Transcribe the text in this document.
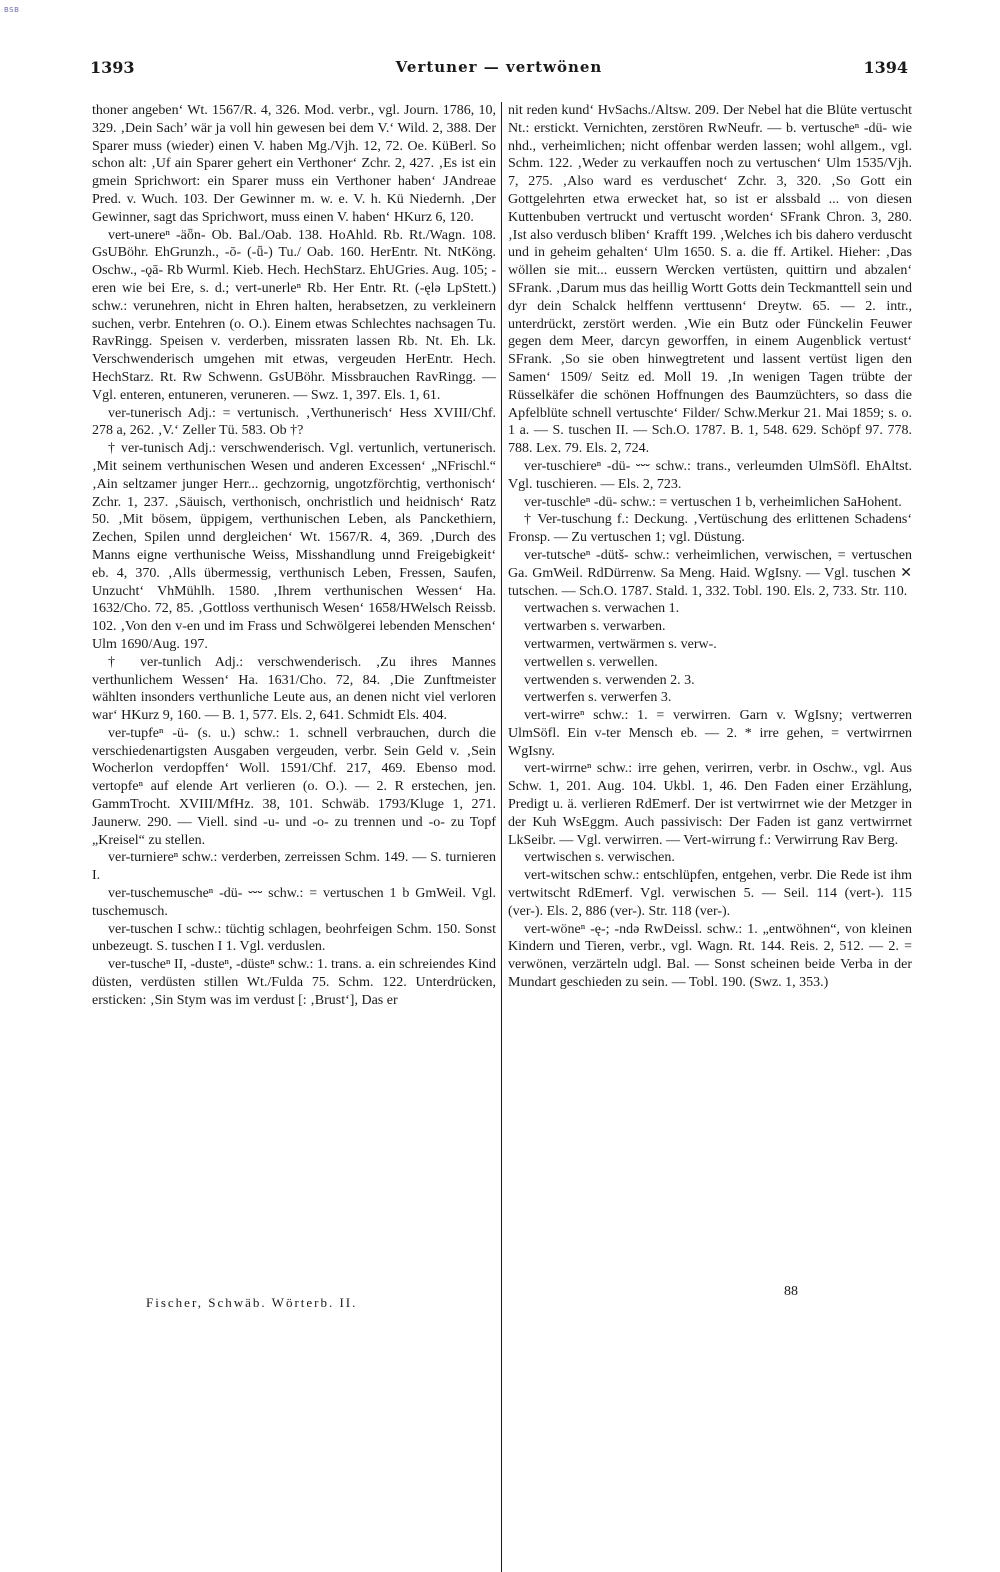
BSB
Vertuner — vertwönen
1393	1394

thoner angeben‘ Wt. 1567/R. 4, 326. Mod. verbr., vgl. Journ. 1786, 10, 329. ‚Dein Sach’ wär ja voll hin gewesen bei dem V.‘ Wild. 2, 388. Der Sparer muss (wieder) einen V. haben Mg./Vjh. 12, 72. Oe. KüBerl. So schon alt: ‚Uf ain Sparer gehert ein Verthoner‘ Zchr. 2, 427. ‚Es ist ein gmein Sprichwort: ein Sparer muss ein Verthoner haben‘ JAndreae Pred. v. Wuch. 103. Der Gewinner m. w. e. V. h. Kü Niedernh. ‚Der Gewinner, sagt das Sprichwort, muss einen V. haben‘ HKurz 6, 120.

vert-unereⁿ -äȫn- Ob. Bal./Oab. 138. HoAhld. Rb. Rt./Wagn. 108. GsUBöhr. EhGrunzh., -ō- (-ǖ-) Tu./ Oab. 160. HerEntr. Nt. NtKöng. Oschw., -ǫā- Rb Wurml. Kieb. Hech. HechStarz. EhUGries. Aug. 105; -eren wie bei Ere, s. d.; vert-unerleⁿ Rb. Her Entr. Rt. (-ęlə LpStett.) schw.: verunehren, nicht in Ehren halten, herabsetzen, zu verkleinern suchen, verbr. Entehren (o. O.). Einem etwas Schlechtes nachsagen Tu. RavRingg. Speisen v. verderben, missraten lassen Rb. Nt. Eh. Lk. Verschwenderisch umgehen mit etwas, vergeuden HerEntr. Hech. HechStarz. Rt. Rw Schwenn. GsUBöhr. Missbrauchen RavRingg. — Vgl. enteren, entuneren, veruneren. — Swz. 1, 397. Els. 1, 61.

ver-tunerisch Adj.: = vertunisch. ‚Verthunerisch‘ Hess XVIII/Chf. 278 a, 262. ‚V.‘ Zeller Tü. 583. Ob †?

† ver-tunisch Adj.: verschwenderisch. Vgl. vertunlich, vertunerisch. ‚Mit seinem verthunischen Wesen und anderen Excessen‘ „NFrischl.“ ‚Ain seltzamer junger Herr... gechzornig, ungotzförchtig, verthonisch‘ Zchr. 1, 237. ‚Säuisch, verthonisch, onchristlich und heidnisch‘ Ratz 50. ‚Mit bösem, üppigem, verthunischen Leben, als Panckethiern, Zechen, Spilen unnd dergleichen‘ Wt. 1567/R. 4, 369. ‚Durch des Manns eigne verthunische Weiss, Misshandlung unnd Freigebigkeit‘ eb. 4, 370. ‚Alls übermessig, verthunisch Leben, Fressen, Saufen, Unzucht‘ VhMühlh. 1580. ‚Ihrem verthunischen Wessen‘ Ha. 1632/Cho. 72, 85. ‚Gottloss verthunisch Wesen‘ 1658/HWelsch Reissb. 102. ‚Von den v-en und im Frass und Schwölgerei lebenden Menschen‘ Ulm 1690/Aug. 197.

† ver-tunlich Adj.: verschwenderisch. ‚Zu ihres Mannes verthunlichem Wessen‘ Ha. 1631/Cho. 72, 84. ‚Die Zunftmeister wählten insonders verthunliche Leute aus, an denen nicht viel verloren war‘ HKurz 9, 160. — B. 1, 577. Els. 2, 641. Schmidt Els. 404.

ver-tupfeⁿ -ü- (s. u.) schw.: 1. schnell verbrauchen, durch die verschiedenartigsten Ausgaben vergeuden, verbr. Sein Geld v. ‚Sein Wocherlon verdopffen‘ Woll. 1591/Chf. 217, 469. Ebenso mod. vertopfeⁿ auf elende Art verlieren (o. O.). — 2. R erstechen, jen. GammTrocht. XVIII/MfHz. 38, 101. Schwäb. 1793/Kluge 1, 271. Jaunerw. 290. — Viell. sind -u- und -o- zu trennen und -o- zu Topf „Kreisel“ zu stellen.

ver-turniereⁿ schw.: verderben, zerreissen Schm. 149. — S. turnieren I.

ver-tuschemuscheⁿ -dü- ⏑⏑⏑ schw.: = vertuschen 1 b GmWeil. Vgl. tuschemusch.

ver-tuschen I schw.: tüchtig schlagen, beohrfeigen Schm. 150. Sonst unbezeugt. S. tuschen I 1. Vgl. verduslen.

ver-tuscheⁿ II, -dusteⁿ, -düsteⁿ schw.: 1. trans. a. ein schreiendes Kind düsten, verdüsten stillen Wt./Fulda 75. Schm. 122. Unterdrücken, ersticken: ‚Sin Stym was im verdust [: ‚Brust‘], Das er

nit reden kund‘ HvSachs./Altsw. 209. Der Nebel hat die Blüte vertuscht Nt.: erstickt. Vernichten, zerstören RwNeufr. — b. vertuscheⁿ -dü- wie nhd., verheimlichen; nicht offenbar werden lassen; wohl allgem., vgl. Schm. 122. ‚Weder zu verkauffen noch zu vertuschen‘ Ulm 1535/Vjh. 7, 275. ‚Also ward es verduschet‘ Zchr. 3, 320. ‚So Gott ein Gottgelehrten etwa erwecket hat, so ist er alssbald ... von diesen Kuttenbuben vertruckt und vertuscht worden‘ SFrank Chron. 3, 280. ‚Ist also verdusch bliben‘ Krafft 199. ‚Welches ich bis dahero verduscht und in geheim gehalten‘ Ulm 1650. S. a. die ff. Artikel. Hieher: ‚Das wöllen sie mit... eussern Wercken vertüsten, quittirn und abzalen‘ SFrank. ‚Darum mus das heillig Wortt Gotts dein Teckmanttell sein und dyr dein Schalck helffenn verttusenn‘ Dreytw. 65. — 2. intr., unterdrückt, zerstört werden. ‚Wie ein Butz oder Fünckelin Feuwer gegen dem Meer, darcyn geworffen, in einem Augenblick vertust‘ SFrank. ‚So sie oben hinwegtretent und lassent vertüst ligen den Samen‘ 1509/ Seitz ed. Moll 19. ‚In wenigen Tagen trübte der Rüsselkäfer die schönen Hoffnungen des Baumzüchters, so dass die Apfelblüte schnell vertuschte‘ Filder/ Schw.Merkur 21. Mai 1859; s. o. 1 a. — S. tuschen II. — Sch.O. 1787. B. 1, 548. 629. Schöpf 97. 778. 788. Lex. 79. Els. 2, 724.

ver-tuschiereⁿ -dü- ⏑⏑⏑ schw.: trans., verleumden UlmSöfl. EhAltst. Vgl. tuschieren. — Els. 2, 723.

ver-tuschleⁿ -dü- schw.: = vertuschen 1 b, verheimlichen SaHohent.

† Ver-tuschung f.: Deckung. ‚Vertüschung des erlittenen Schadens‘ Fronsp. — Zu vertuschen 1; vgl. Düstung.

ver-tutscheⁿ -dütš- schw.: verheimlichen, verwischen, = vertuschen Ga. GmWeil. RdDürrenw. Sa Meng. Haid. WgIsny. — Vgl. tuschen ✕ tutschen. — Sch.O. 1787. Stald. 1, 332. Tobl. 190. Els. 2, 733. Str. 110.

vertwachen s. verwachen 1.

vertwarben s. verwarben.

vertwarmen, vertwärmen s. verw-.

vertwellen s. verwellen.

vertwenden s. verwenden 2. 3.

vertwerfen s. verwerfen 3.

vert-wirreⁿ schw.: 1. = verwirren. Garn v. WgIsny; vertwerren UlmSöfl. Ein v-ter Mensch eb. — 2. * irre gehen, = vertwirrnen WgIsny.

vert-wirrneⁿ schw.: irre gehen, verirren, verbr. in Oschw., vgl. Aus Schw. 1, 201. Aug. 104. Ukbl. 1, 46. Den Faden einer Erzählung, Predigt u. ä. verlieren RdEmerf. Der ist vertwirrnet wie der Metzger in der Kuh WsEggm. Auch passivisch: Der Faden ist ganz vertwirrnet LkSeibr. — Vgl. verwirren. — Vert-wirrung f.: Verwirrung Rav Berg.

vertwischen s. verwischen.

vert-witschen schw.: entschlüpfen, entgehen, verbr. Die Rede ist ihm vertwitscht RdEmerf. Vgl. verwischen 5. — Seil. 114 (vert-). 115 (ver-). Els. 2, 886 (ver-). Str. 118 (ver-).

vert-wöneⁿ -ę-; -ndə RwDeissl. schw.: 1. „entwöhnen“, von kleinen Kindern und Tieren, verbr., vgl. Wagn. Rt. 144. Reis. 2, 512. — 2. = verwönen, verzärteln udgl. Bal. — Sonst scheinen beide Verba in der Mundart geschieden zu sein. — Tobl. 190. (Swz. 1, 353.)

Fischer, Schwäb. Wörterb. II.
88
